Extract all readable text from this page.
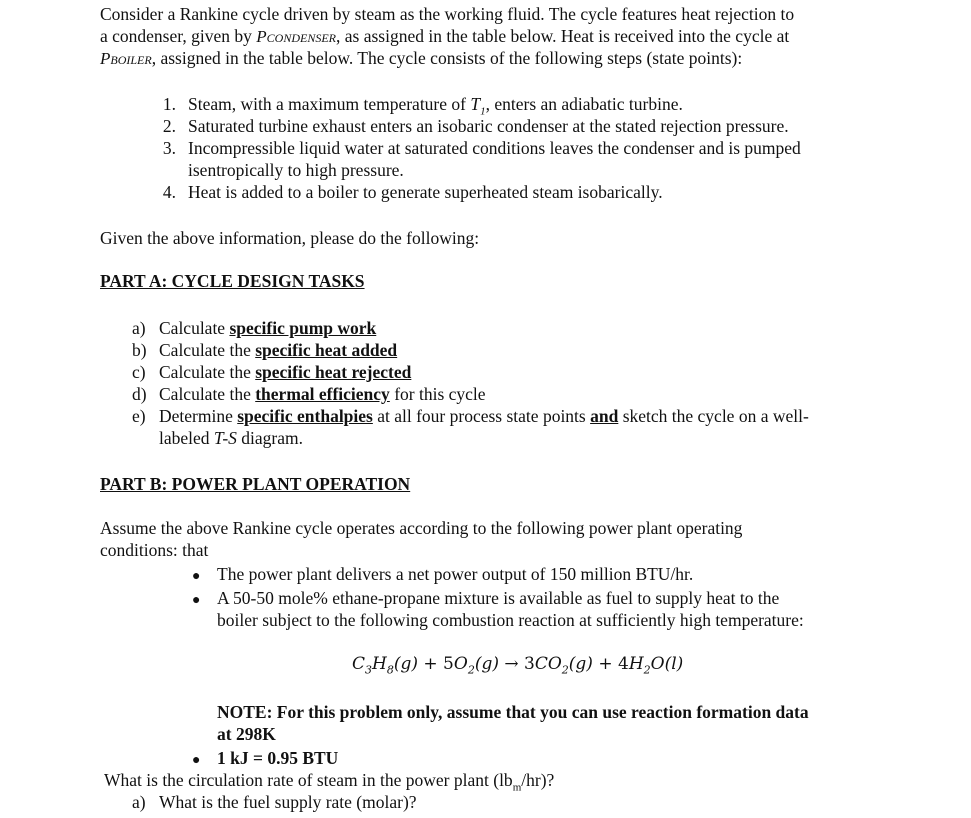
Consider a Rankine cycle driven by steam as the working fluid. The cycle features heat rejection to
a condenser, given by PCONDENSER, as assigned in the table below. Heat is received into the cycle at
PBOILER, assigned in the table below. The cycle consists of the following steps (state points):
1. Steam, with a maximum temperature of $T_1$, enters an adiabatic turbine.
2. Saturated turbine exhaust enters an isobaric condenser at the stated rejection pressure.
3. Incompressible liquid water at saturated conditions leaves the condenser and is pumped
isentropically to high pressure.
4. Heat is added to a boiler to generate superheated steam isobarically.
Given the above information, please do the following:
PART A: CYCLE DESIGN TASKS
a) Calculate specific pump work
b) Calculate the specific heat added
c) Calculate the specific heat rejected
d) Calculate the thermal efficiency for this cycle
e) Determine specific enthalpies at all four process state points and sketch the cycle on a well-
labeled T-S diagram.
PART B: POWER PLANT OPERATION
Assume the above Rankine cycle operates according to the following power plant operating
conditions: that
● The power plant delivers a net power output of 150 million BTU/hr.
● A 50-50 mole% ethane-propane mixture is available as fuel to supply heat to the
boiler subject to the following combustion reaction at sufficiently high temperature:
$C_3H_8(g) + 5O_2(g) \to 3CO_2(g) + 4H_2O(l)$
NOTE: For this problem only, assume that you can use reaction formation data
at 298K
● 1 kJ = 0.95 BTU
What is the circulation rate of steam in the power plant $(lb_m/hr)$?
a) What is the fuel supply rate (molar)?
